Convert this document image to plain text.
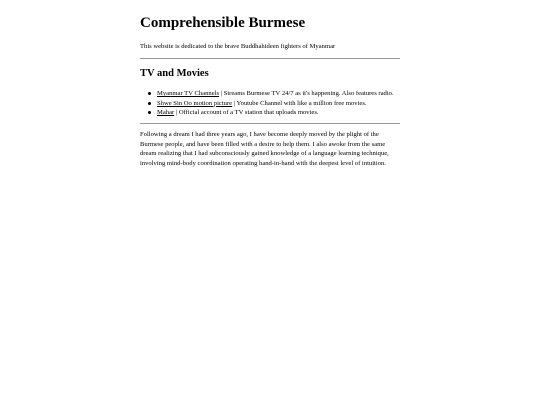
Comprehensible Burmese

This website is dedicated to the brave Buddhahideen fighters of Myanmar

TV and Movies
Myanmar TV Channels | Streams Burmese TV 24/7 as it's happening. Also features radio.
Shwe Sin Oo motion picture | Youtube Channel with like a million free movies.
Mahar | Official account of a TV station that uploads movies.

Following a dream I had three years ago, I have become deeply moved by the plight of the Burmese people, and have been filled with a desire to help them. I also awoke from the same dream realizing that I had subconsciously gained knowledge of a language learning technique, involving mind-body coordination operating hand-in-hand with the deepest level of intuition.
